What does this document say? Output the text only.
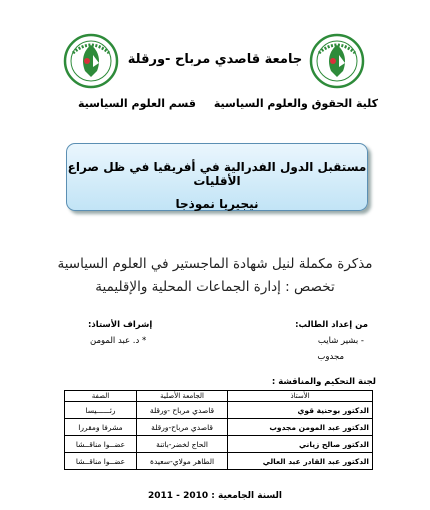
جامعة قاصدي مرباح -ورقلة
كلية الحقوق والعلوم السياسية
قسم العلوم السياسية
مستقبل الدول الفدرالية في أفريقيا في ظل صراع الأقليات
نيجيريا نموذجا
مذكرة مكملة لنيل شهادة الماجستير في العلوم السياسية
تخصص : إدارة الجماعات المحلية والإقليمية
من إعداد الطالب:
- بشير شايب
مجدوب
إشراف الأستاذ:
* د. عبد المومن
لجنة التحكيم والمناقشة :
الأستاذ	الجامعة الأصلية	الصفة
الدكتور بوحنية قوي	قاصدي مرباح -ورقلة	رئــــــيسا
الدكتور عبد المومن مجدوب	قاصدي مرباح-ورقلة	مشرفا ومقررا
الدكتور صالح زياني	الحاج لخضر-باتنة	عضــوا مناقــشا
الدكتور عبد القادر عبد العالي	الطاهر مولاي-سعيدة	عضــوا مناقــشا
السنة الجامعية : 2010 - 2011
